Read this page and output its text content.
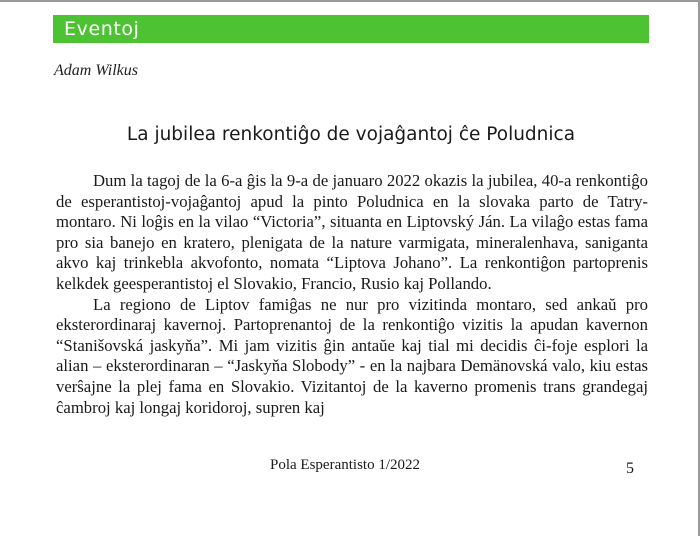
Eventoj
Adam Wilkus
La jubilea renkontiĝo de vojaĝantoj ĉe Poludnica

Dum la tagoj de la 6-a ĝis la 9-a de januaro 2022 okazis la jubilea, 40-a renkontiĝo de esperantistoj-vojaĝantoj apud la pinto Poludnica en la slovaka parto de Tatry-montaro. Ni loĝis en la vilao “Victoria”, situanta en Liptovský Ján. La vilaĝo estas fama pro sia banejo en kratero, plenigata de la nature varmigata, mineralenhava, saniganta akvo kaj trinkebla akvofonto, nomata “Liptova Johano”. La renkontiĝon partoprenis kelkdek geesperantistoj el Slovakio, Francio, Rusio kaj Pollando.

La regiono de Liptov famiĝas ne nur pro vizitinda montaro, sed ankaŭ pro eksterordinaraj kavernoj. Partoprenantoj de la renkontiĝo vizitis la apudan kavernon “Stanišovská jaskyňa”. Mi jam vizitis ĝin antaŭe kaj tial mi decidis ĉi-foje esplori la alian – eksterordinaran – “Jaskyňa Slobody” - en la najbara Demänovská valo, kiu estas verŝajne la plej fama en Slovakio. Vizitantoj de la kaverno promenis trans grandegaj ĉambroj kaj longaj koridoroj, supren kaj

Pola Esperantisto 1/2022	5
